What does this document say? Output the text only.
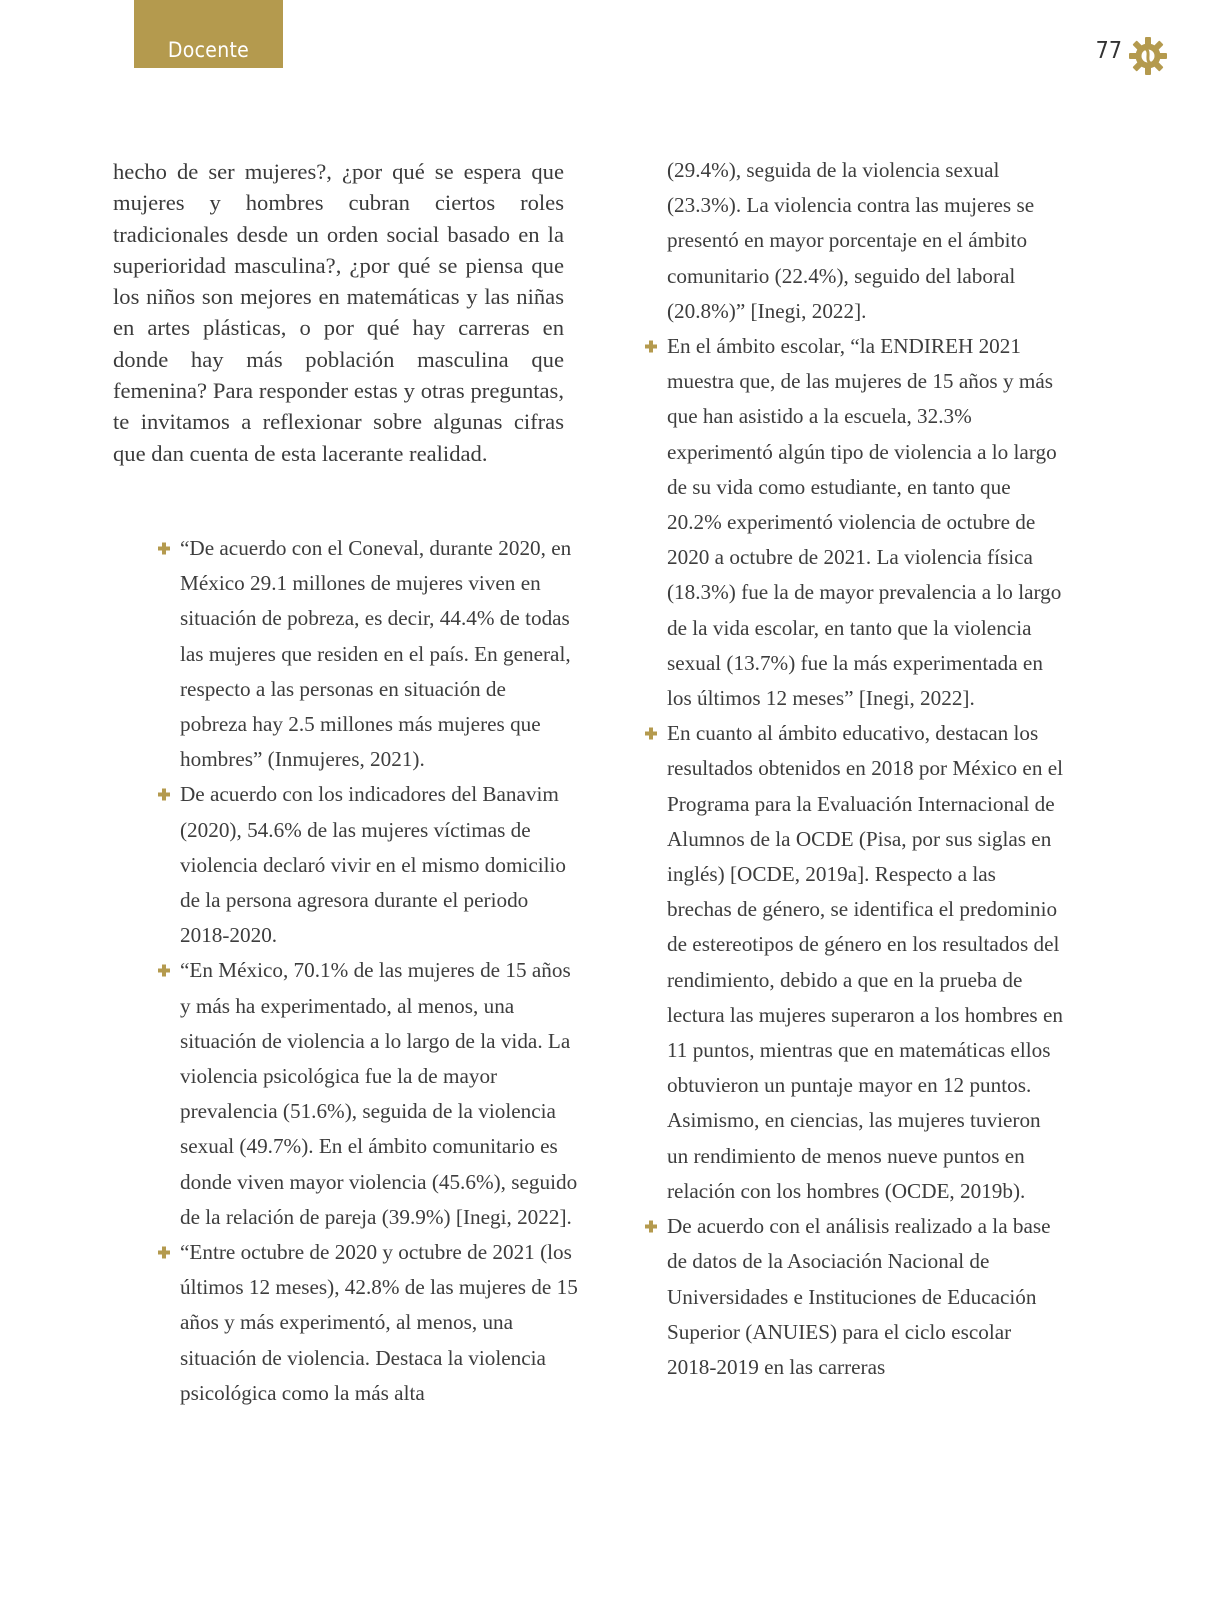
Docente	77

hecho de ser mujeres?, ¿por qué se espera que mujeres y hombres cubran ciertos roles tradicionales desde un orden social basado en la superioridad masculina?, ¿por qué se piensa que los niños son mejores en matemáticas y las niñas en artes plásticas, o por qué hay carreras en donde hay más población masculina que femenina? Para responder estas y otras preguntas, te invitamos a reflexionar sobre algunas cifras que dan cuenta de esta lacerante realidad.

“De acuerdo con el Coneval, durante 2020, en México 29.1 millones de mujeres viven en situación de pobreza, es decir, 44.4% de todas las mujeres que residen en el país. En general, respecto a las personas en situación de pobreza hay 2.5 millones más mujeres que hombres” (Inmujeres, 2021).
De acuerdo con los indicadores del Banavim (2020), 54.6% de las mujeres víctimas de violencia declaró vivir en el mismo domicilio de la persona agresora durante el periodo 2018-2020.
“En México, 70.1% de las mujeres de 15 años y más ha experimentado, al menos, una situación de violencia a lo largo de la vida. La violencia psicológica fue la de mayor prevalencia (51.6%), seguida de la violencia sexual (49.7%). En el ámbito comunitario es donde viven mayor violencia (45.6%), seguido de la relación de pareja (39.9%) [Inegi, 2022].
“Entre octubre de 2020 y octubre de 2021 (los últimos 12 meses), 42.8% de las mujeres de 15 años y más experimentó, al menos, una situación de violencia. Destaca la violencia psicológica como la más alta
(29.4%), seguida de la violencia sexual (23.3%). La violencia contra las mujeres se presentó en mayor porcentaje en el ámbito comunitario (22.4%), seguido del laboral (20.8%)” [Inegi, 2022].
En el ámbito escolar, “la ENDIREH 2021 muestra que, de las mujeres de 15 años y más que han asistido a la escuela, 32.3% experimentó algún tipo de violencia a lo largo de su vida como estudiante, en tanto que 20.2% experimentó violencia de octubre de 2020 a octubre de 2021. La violencia física (18.3%) fue la de mayor prevalencia a lo largo de la vida escolar, en tanto que la violencia sexual (13.7%) fue la más experimentada en los últimos 12 meses” [Inegi, 2022].
En cuanto al ámbito educativo, destacan los resultados obtenidos en 2018 por México en el Programa para la Evaluación Internacional de Alumnos de la OCDE (Pisa, por sus siglas en inglés) [OCDE, 2019a]. Respecto a las brechas de género, se identifica el predominio de estereotipos de género en los resultados del rendimiento, debido a que en la prueba de lectura las mujeres superaron a los hombres en 11 puntos, mientras que en matemáticas ellos obtuvieron un puntaje mayor en 12 puntos. Asimismo, en ciencias, las mujeres tuvieron un rendimiento de menos nueve puntos en relación con los hombres (OCDE, 2019b).
De acuerdo con el análisis realizado a la base de datos de la Asociación Nacional de Universidades e Instituciones de Educación Superior (ANUIES) para el ciclo escolar 2018-2019 en las carreras
